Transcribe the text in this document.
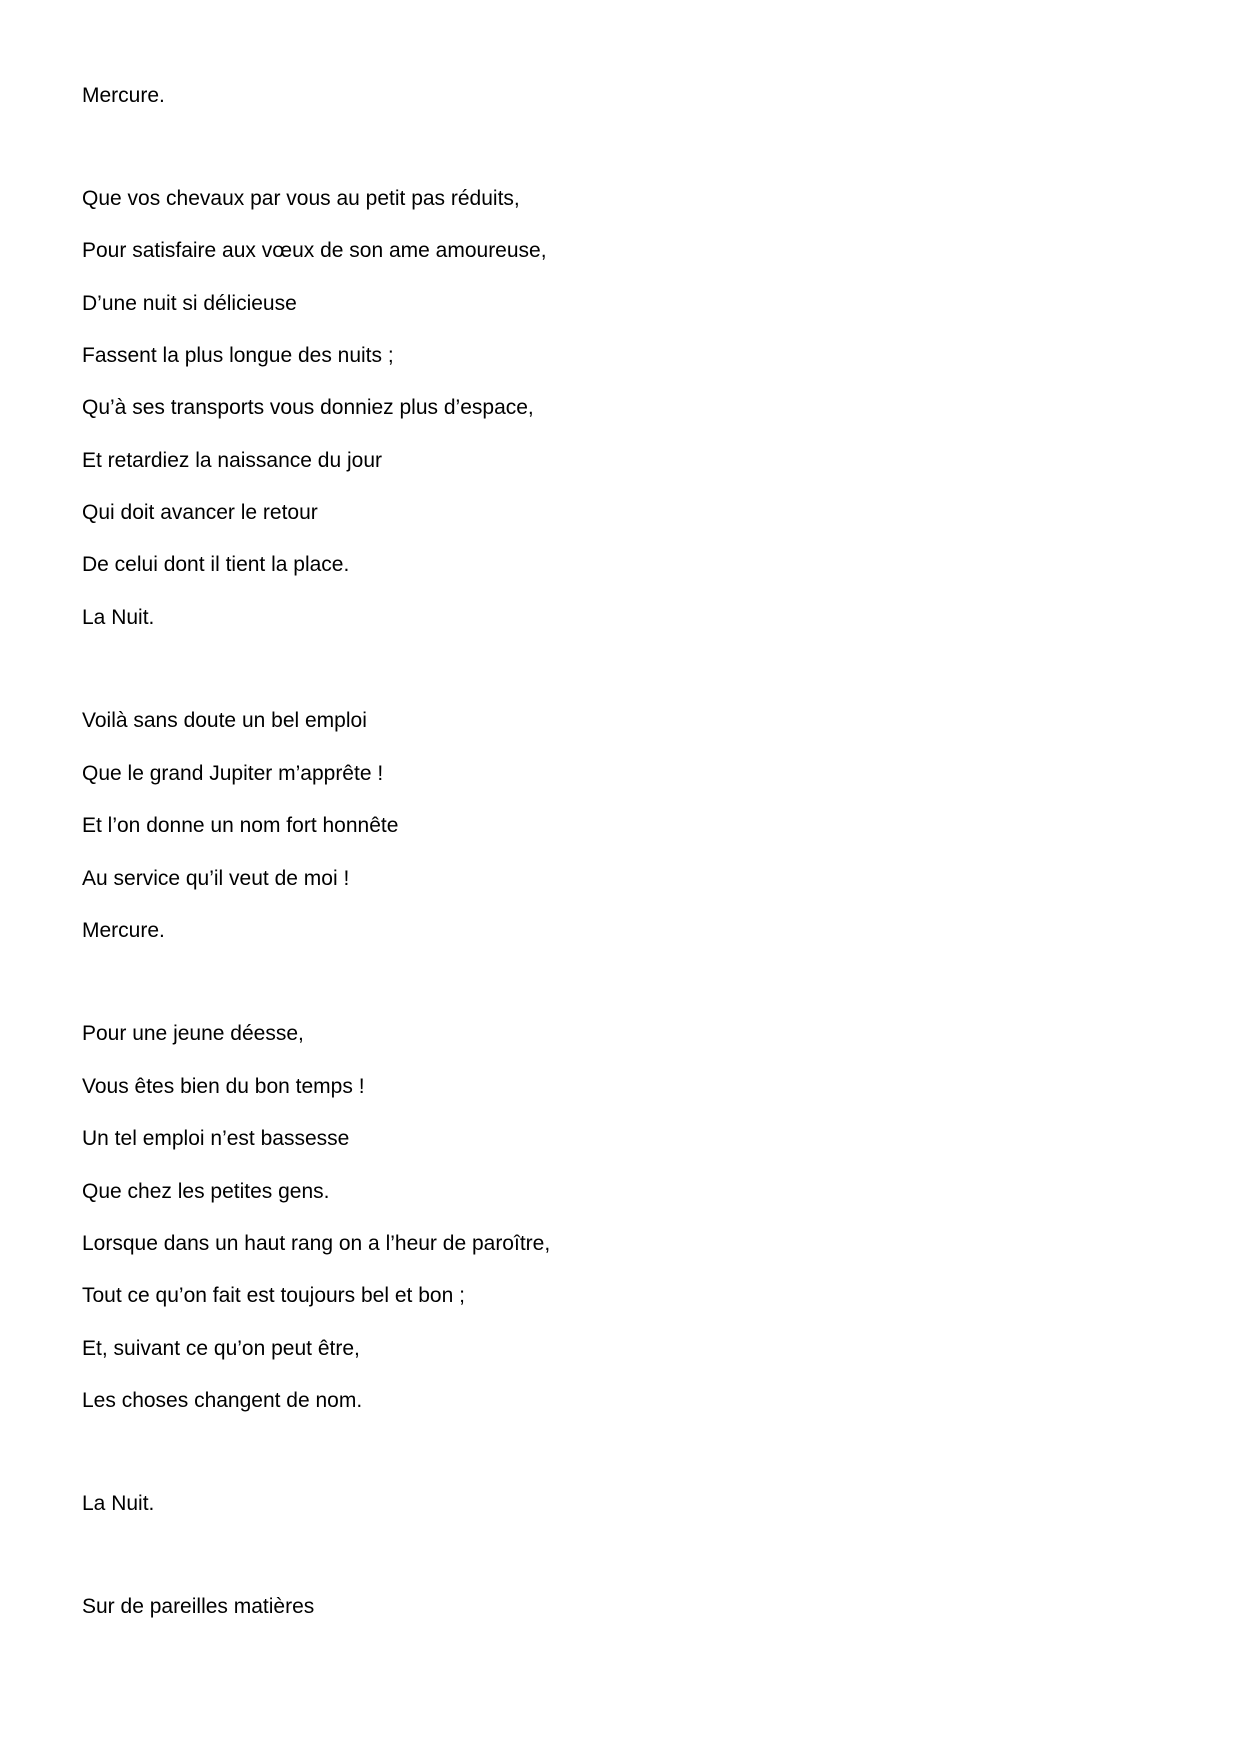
Mercure.

Que vos chevaux par vous au petit pas réduits,

Pour satisfaire aux vœux de son ame amoureuse,

D’une nuit si délicieuse

Fassent la plus longue des nuits ;

Qu’à ses transports vous donniez plus d’espace,

Et retardiez la naissance du jour

Qui doit avancer le retour

De celui dont il tient la place.

La Nuit.

Voilà sans doute un bel emploi

Que le grand Jupiter m’apprête !

Et l’on donne un nom fort honnête

Au service qu’il veut de moi !

Mercure.

Pour une jeune déesse,

Vous êtes bien du bon temps !

Un tel emploi n’est bassesse

Que chez les petites gens.

Lorsque dans un haut rang on a l’heur de paroître,

Tout ce qu’on fait est toujours bel et bon ;

Et, suivant ce qu’on peut être,

Les choses changent de nom.

La Nuit.

Sur de pareilles matières
